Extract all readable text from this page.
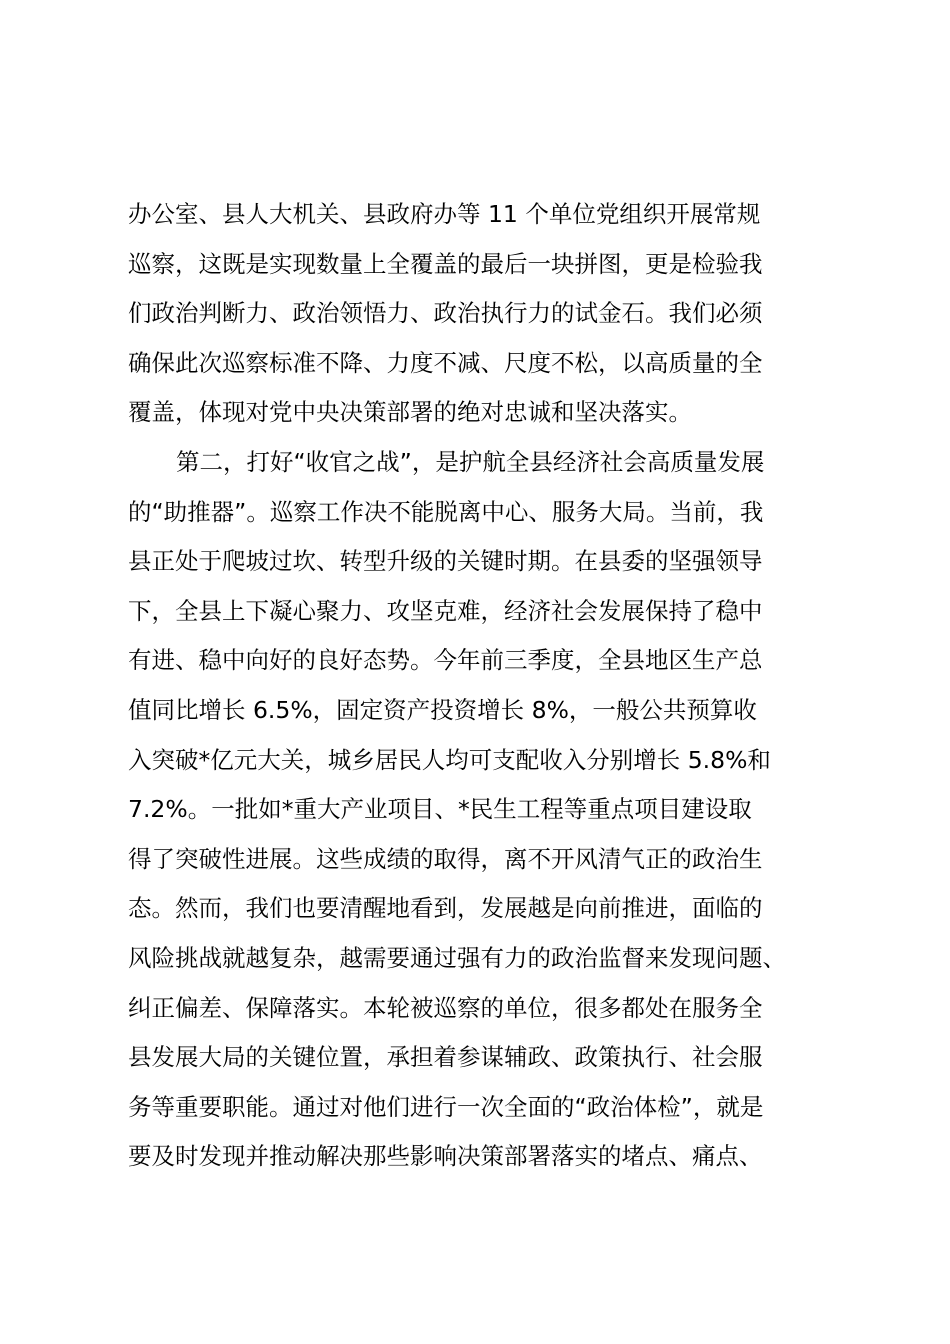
办公室、县人大机关、县政府办等 11 个单位党组织开展常规
巡察，这既是实现数量上全覆盖的最后一块拼图，更是检验我
们政治判断力、政治领悟力、政治执行力的试金石。我们必须
确保此次巡察标准不降、力度不减、尺度不松，以高质量的全
覆盖，体现对党中央决策部署的绝对忠诚和坚决落实。
第二，打好“收官之战”，是护航全县经济社会高质量发展
的“助推器”。巡察工作决不能脱离中心、服务大局。当前，我
县正处于爬坡过坎、转型升级的关键时期。在县委的坚强领导
下，全县上下凝心聚力、攻坚克难，经济社会发展保持了稳中
有进、稳中向好的良好态势。今年前三季度，全县地区生产总
值同比增长 6.5%，固定资产投资增长 8%，一般公共预算收
入突破*亿元大关，城乡居民人均可支配收入分别增长 5.8%和
7.2%。一批如*重大产业项目、*民生工程等重点项目建设取
得了突破性进展。这些成绩的取得，离不开风清气正的政治生
态。然而，我们也要清醒地看到，发展越是向前推进，面临的
风险挑战就越复杂，越需要通过强有力的政治监督来发现问题、
纠正偏差、保障落实。本轮被巡察的单位，很多都处在服务全
县发展大局的关键位置，承担着参谋辅政、政策执行、社会服
务等重要职能。通过对他们进行一次全面的“政治体检”，就是
要及时发现并推动解决那些影响决策部署落实的堵点、痛点、
